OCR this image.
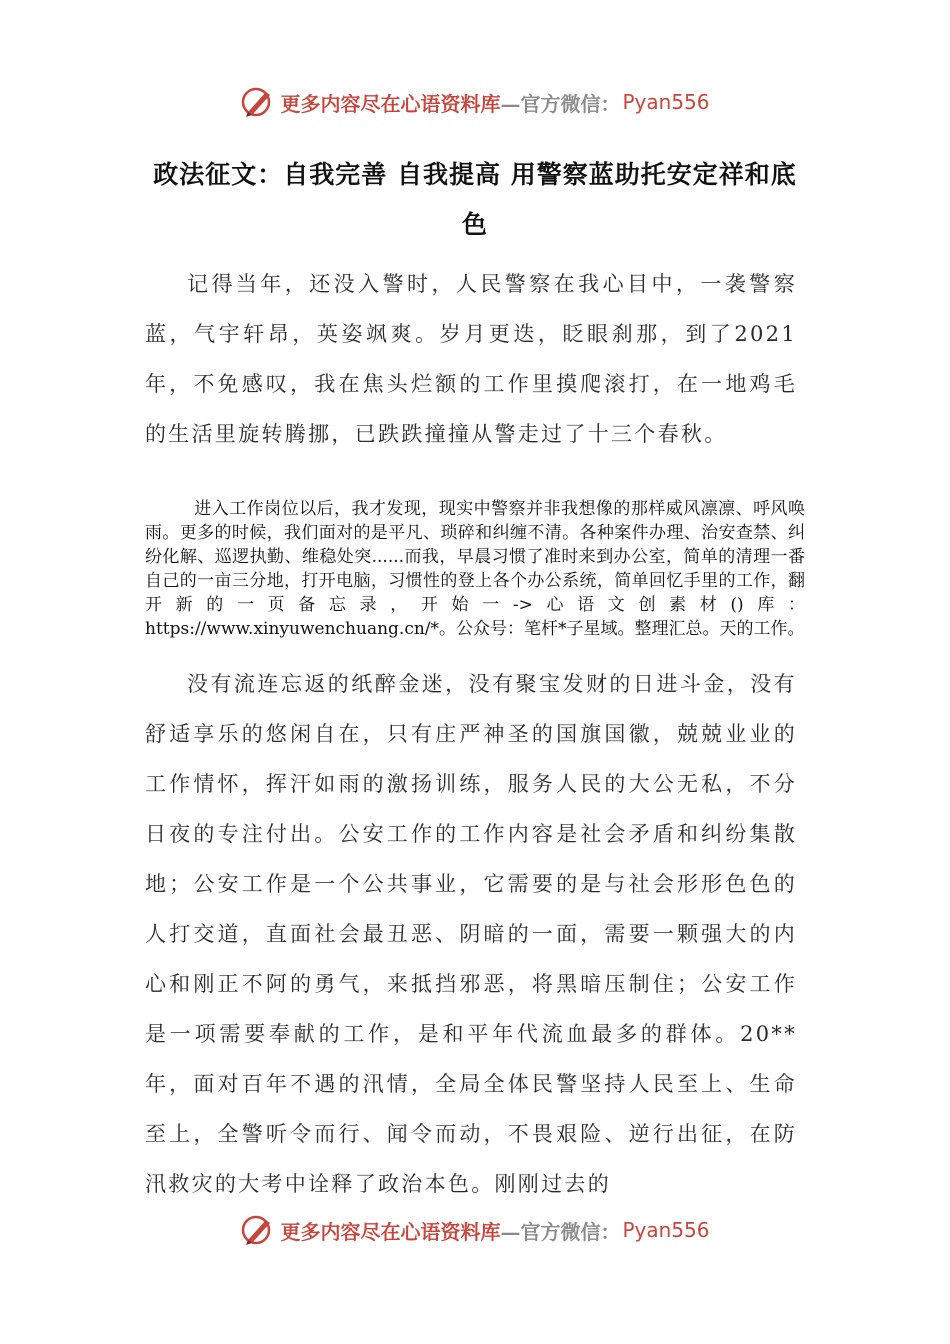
更多内容尽在心语资料库 —官方微信： Pyan556
政法征文：自我完善 自我提高 用警察蓝助托安定祥和底色

记得当年，还没入警时，人民警察在我心目中，一袭警察蓝，气宇轩昂，英姿飒爽。岁月更迭，眨眼刹那，到了2021年，不免感叹，我在焦头烂额的工作里摸爬滚打，在一地鸡毛的生活里旋转腾挪，已跌跌撞撞从警走过了十三个春秋。

进入工作岗位以后，我才发现，现实中警察并非我想像的那样威风凛凛、呼风唤雨。更多的时候，我们面对的是平凡、琐碎和纠缠不清。各种案件办理、治安查禁、纠纷化解、巡逻执勤、维稳处突......而我，早晨习惯了准时来到办公室，简单的清理一番自己的一亩三分地，打开电脑，习惯性的登上各个办公系统，简单回忆手里的工作，翻开新的一页备忘录，开始一->心语文创素材()库：https://www.xinyuwenchuang.cn/*。公众号：笔杆*子星域。整理汇总。天的工作。

没有流连忘返的纸醉金迷，没有聚宝发财的日进斗金，没有舒适享乐的悠闲自在，只有庄严神圣的国旗国徽，兢兢业业的工作情怀，挥汗如雨的激扬训练，服务人民的大公无私，不分日夜的专注付出。公安工作的工作内容是社会矛盾和纠纷集散地；公安工作是一个公共事业，它需要的是与社会形形色色的人打交道，直面社会最丑恶、阴暗的一面，需要一颗强大的内心和刚正不阿的勇气，来抵挡邪恶，将黑暗压制住；公安工作是一项需要奉献的工作，是和平年代流血最多的群体。20**年，面对百年不遇的汛情，全局全体民警坚持人民至上、生命至上，全警听令而行、闻令而动，不畏艰险、逆行出征，在防汛救灾的大考中诠释了政治本色。刚刚过去的

更多内容尽在心语资料库 —官方微信： Pyan556
